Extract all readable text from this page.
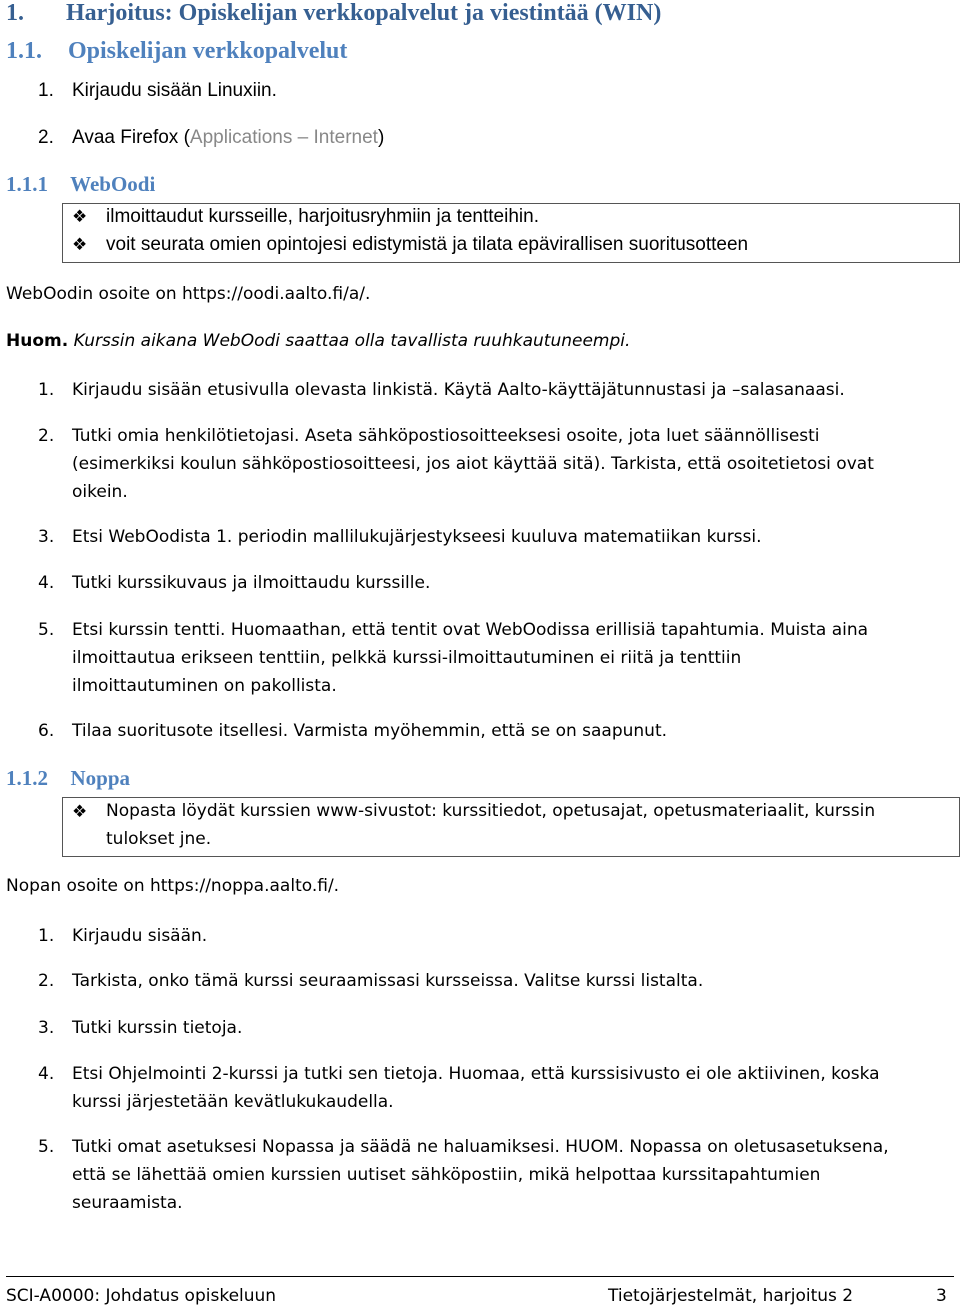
1. Harjoitus: Opiskelijan verkkopalvelut ja viestintää (WIN)
1.1. Opiskelijan verkkopalvelut
1. Kirjaudu sisään Linuxiin.
2. Avaa Firefox (Applications – Internet)
1.1.1 WebOodi
❖ ilmoittaudut kursseille, harjoitusryhmiin ja tentteihin.
❖ voit seurata omien opintojesi edistymistä ja tilata epävirallisen suoritusotteen
WebOodin osoite on https://oodi.aalto.fi/a/.
Huom. Kurssin aikana WebOodi saattaa olla tavallista ruuhkautuneempi.
1. Kirjaudu sisään etusivulla olevasta linkistä. Käytä Aalto-käyttäjätunnustasi ja –salasanaasi.
2. Tutki omia henkilötietojasi. Aseta sähköpostiosoitteeksesi osoite, jota luet säännöllisesti
(esimerkiksi koulun sähköpostiosoitteesi, jos aiot käyttää sitä). Tarkista, että osoitetietosi ovat
oikein.
3. Etsi WebOodista 1. periodin mallilukujärjestykseesi kuuluva matematiikan kurssi.
4. Tutki kurssikuvaus ja ilmoittaudu kurssille.
5. Etsi kurssin tentti. Huomaathan, että tentit ovat WebOodissa erillisiä tapahtumia. Muista aina
ilmoittautua erikseen tenttiin, pelkkä kurssi-ilmoittautuminen ei riitä ja tenttiin
ilmoittautuminen on pakollista.
6. Tilaa suoritusote itsellesi. Varmista myöhemmin, että se on saapunut.
1.1.2 Noppa
❖ Nopasta löydät kurssien www-sivustot: kurssitiedot, opetusajat, opetusmateriaalit, kurssin
tulokset jne.
Nopan osoite on https://noppa.aalto.fi/.
1. Kirjaudu sisään.
2. Tarkista, onko tämä kurssi seuraamissasi kursseissa. Valitse kurssi listalta.
3. Tutki kurssin tietoja.
4. Etsi Ohjelmointi 2-kurssi ja tutki sen tietoja. Huomaa, että kurssisivusto ei ole aktiivinen, koska
kurssi järjestetään kevätlukukaudella.
5. Tutki omat asetuksesi Nopassa ja säädä ne haluamiksesi. HUOM. Nopassa on oletusasetuksena,
että se lähettää omien kurssien uutiset sähköpostiin, mikä helpottaa kurssitapahtumien
seuraamista.
SCI-A0000: Johdatus opiskeluun	Tietojärjestelmät, harjoitus 2	3
